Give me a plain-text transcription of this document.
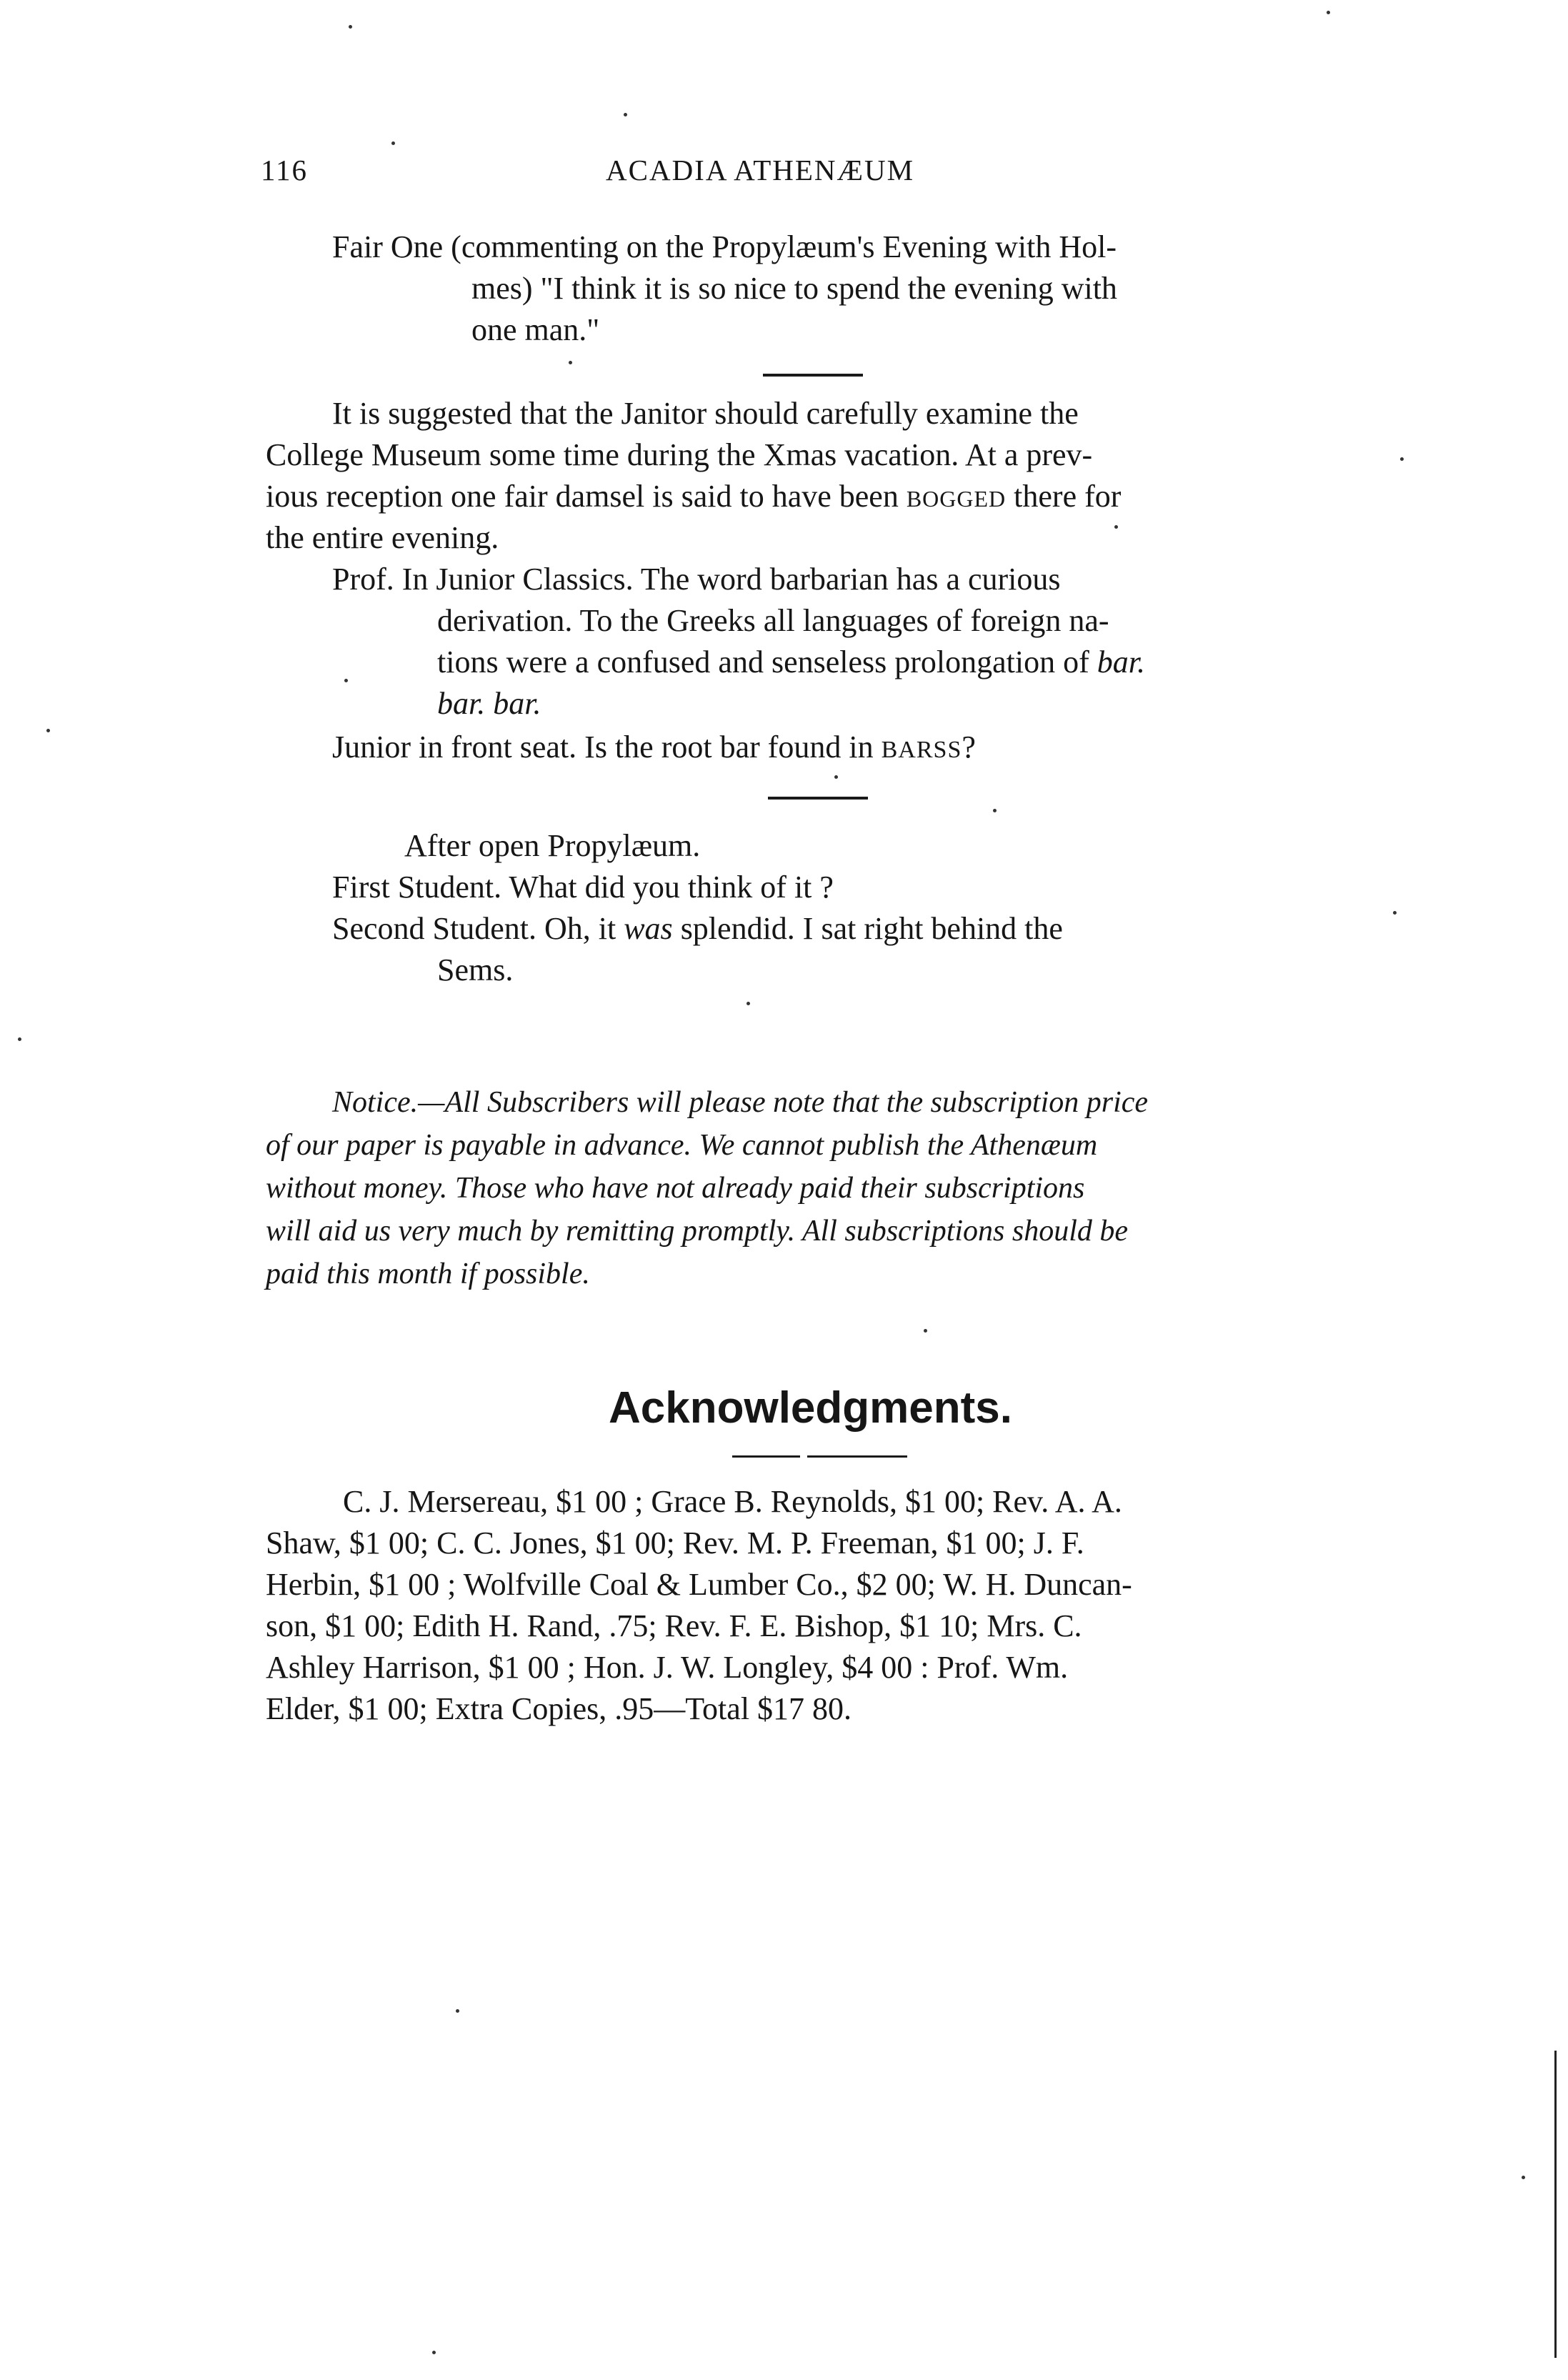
116	ACADIA ATHENÆUM
Fair One (commenting on the Propylæum's Evening with Hol-
mes) "I think it is so nice to spend the evening with
one man."
It is suggested that the Janitor should carefully examine the
College Museum some time during the Xmas vacation. At a prev-
ious reception one fair damsel is said to have been BOGGED there for
the entire evening.
Prof. In Junior Classics. The word barbarian has a curious
derivation. To the Greeks all languages of foreign na-
tions were a confused and senseless prolongation of bar.
bar. bar.
Junior in front seat. Is the root bar found in BARSS?
After open Propylæum.
First Student. What did you think of it ?
Second Student. Oh, it was splendid. I sat right behind the
Sems.
Notice.—All Subscribers will please note that the subscription price
of our paper is payable in advance. We cannot publish the Athenæum
without money. Those who have not already paid their subscriptions
will aid us very much by remitting promptly. All subscriptions should be
paid this month if possible.
Acknowledgments.
C. J. Mersereau, $1 00 ; Grace B. Reynolds, $1 00; Rev. A. A.
Shaw, $1 00; C. C. Jones, $1 00; Rev. M. P. Freeman, $1 00; J. F.
Herbin, $1 00 ; Wolfville Coal & Lumber Co., $2 00; W. H. Duncan-
son, $1 00; Edith H. Rand, .75; Rev. F. E. Bishop, $1 10; Mrs. C.
Ashley Harrison, $1 00 ; Hon. J. W. Longley, $4 00 : Prof. Wm.
Elder, $1 00; Extra Copies, .95—Total $17 80.
